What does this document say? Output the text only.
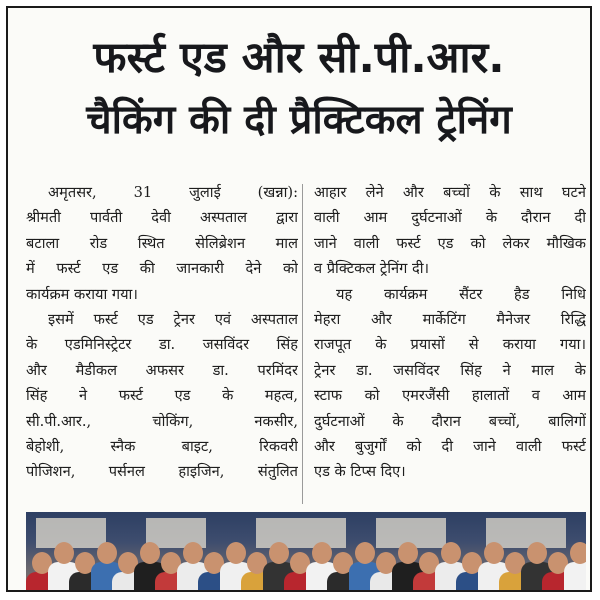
फर्स्ट एड और सी.पी.आर.
चैकिंग की दी प्रैक्टिकल ट्रेनिंग
अमृतसर, 31 जुलाई (खन्ना):
श्रीमती पार्वती देवी अस्पताल द्वारा
बटाला रोड स्थित सेलिब्रेशन माल
में फर्स्ट एड की जानकारी देने को
कार्यक्रम कराया गया।
इसमें फर्स्ट एड ट्रेनर एवं अस्पताल
के एडमिनिस्ट्रेटर डा. जसविंदर सिंह
और मैडीकल अफसर डा. परमिंदर
सिंह ने फर्स्ट एड के महत्व,
सी.पी.आर., चोकिंग, नकसीर,
बेहोशी, स्नैक बाइट, रिकवरी
पोजिशन, पर्सनल हाइजिन, संतुलित
आहार लेने और बच्चों के साथ घटने
वाली आम दुर्घटनाओं के दौरान दी
जाने वाली फर्स्ट एड को लेकर मौखिक
व प्रैक्टिकल ट्रेनिंग दी।
यह कार्यक्रम सैंटर हैड निधि
मेहरा और मार्केटिंग मैनेजर रिद्धि
राजपूत के प्रयासों से कराया गया।
ट्रेनर डा. जसविंदर सिंह ने माल के
स्टाफ को एमरजैंसी हालातों व आम
दुर्घटनाओं के दौरान बच्चों, बालिगों
और बुजुर्गों को दी जाने वाली फर्स्ट
एड के टिप्स दिए।
